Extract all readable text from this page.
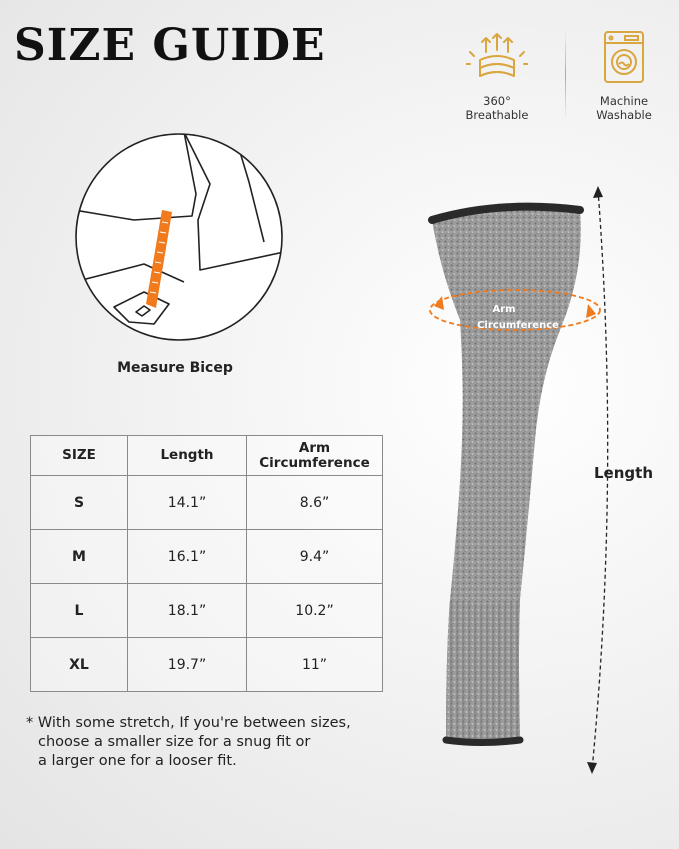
SIZE GUIDE
360°
Breathable
Machine
Washable
Measure Bicep
SIZE	Length	Arm
Circumference
S	14.1”	8.6”
M	16.1”	9.4”
L	18.1”	10.2”
XL	19.7”	11”
* With some stretch, If you're between sizes,
choose a smaller size for a snug fit or
a larger one for a looser fit.
Arm
Circumference
Length
